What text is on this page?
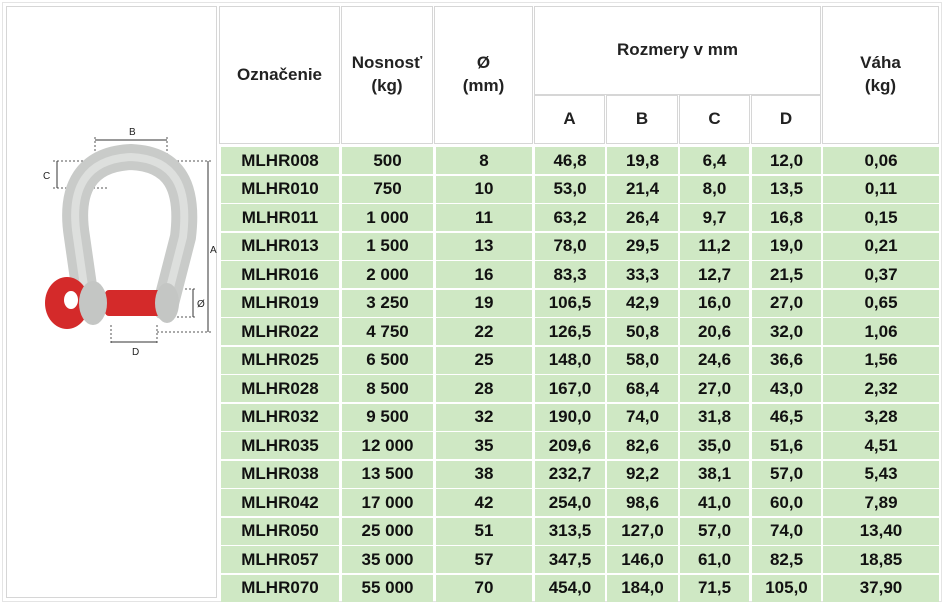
B
C
A
Ø
D
Označenie
Nosnosť
(kg)
Ø
(mm)
Rozmery v mm
A	B	C	D
Váha
(kg)
MLHR008	500	8	46,8	19,8	6,4	12,0	0,06
MLHR010	750	10	53,0	21,4	8,0	13,5	0,11
MLHR011	1 000	11	63,2	26,4	9,7	16,8	0,15
MLHR013	1 500	13	78,0	29,5	11,2	19,0	0,21
MLHR016	2 000	16	83,3	33,3	12,7	21,5	0,37
MLHR019	3 250	19	106,5	42,9	16,0	27,0	0,65
MLHR022	4 750	22	126,5	50,8	20,6	32,0	1,06
MLHR025	6 500	25	148,0	58,0	24,6	36,6	1,56
MLHR028	8 500	28	167,0	68,4	27,0	43,0	2,32
MLHR032	9 500	32	190,0	74,0	31,8	46,5	3,28
MLHR035	12 000	35	209,6	82,6	35,0	51,6	4,51
MLHR038	13 500	38	232,7	92,2	38,1	57,0	5,43
MLHR042	17 000	42	254,0	98,6	41,0	60,0	7,89
MLHR050	25 000	51	313,5	127,0	57,0	74,0	13,40
MLHR057	35 000	57	347,5	146,0	61,0	82,5	18,85
MLHR070	55 000	70	454,0	184,0	71,5	105,0	37,90
